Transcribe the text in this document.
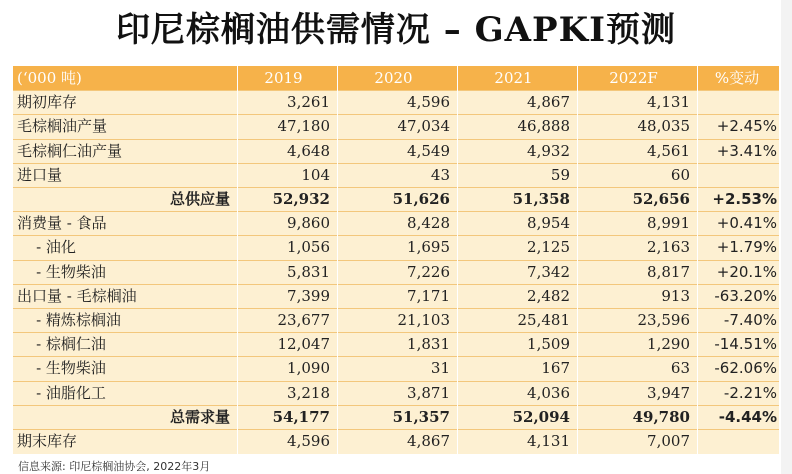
印尼棕榈油供需情况 – GAPKI预测
(‘000 吨)	2019	2020	2021	2022F	%变动
期初库存	3,261	4,596	4,867	4,131
毛棕榈油产量	47,180	47,034	46,888	48,035	+2.45%
毛棕榈仁油产量	4,648	4,549	4,932	4,561	+3.41%
进口量	104	43	59	60
总供应量	52,932	51,626	51,358	52,656	+2.53%
消费量 - 食品	9,860	8,428	8,954	8,991	+0.41%
- 油化	1,056	1,695	2,125	2,163	+1.79%
- 生物柴油	5,831	7,226	7,342	8,817	+20.1%
出口量 - 毛棕榈油	7,399	7,171	2,482	913	-63.20%
- 精炼棕榈油	23,677	21,103	25,481	23,596	-7.40%
- 棕榈仁油	12,047	1,831	1,509	1,290	-14.51%
- 生物柴油	1,090	31	167	63	-62.06%
- 油脂化工	3,218	3,871	4,036	3,947	-2.21%
总需求量	54,177	51,357	52,094	49,780	-4.44%
期末库存	4,596	4,867	4,131	7,007
信息来源: 印尼棕榈油协会, 2022年3月
